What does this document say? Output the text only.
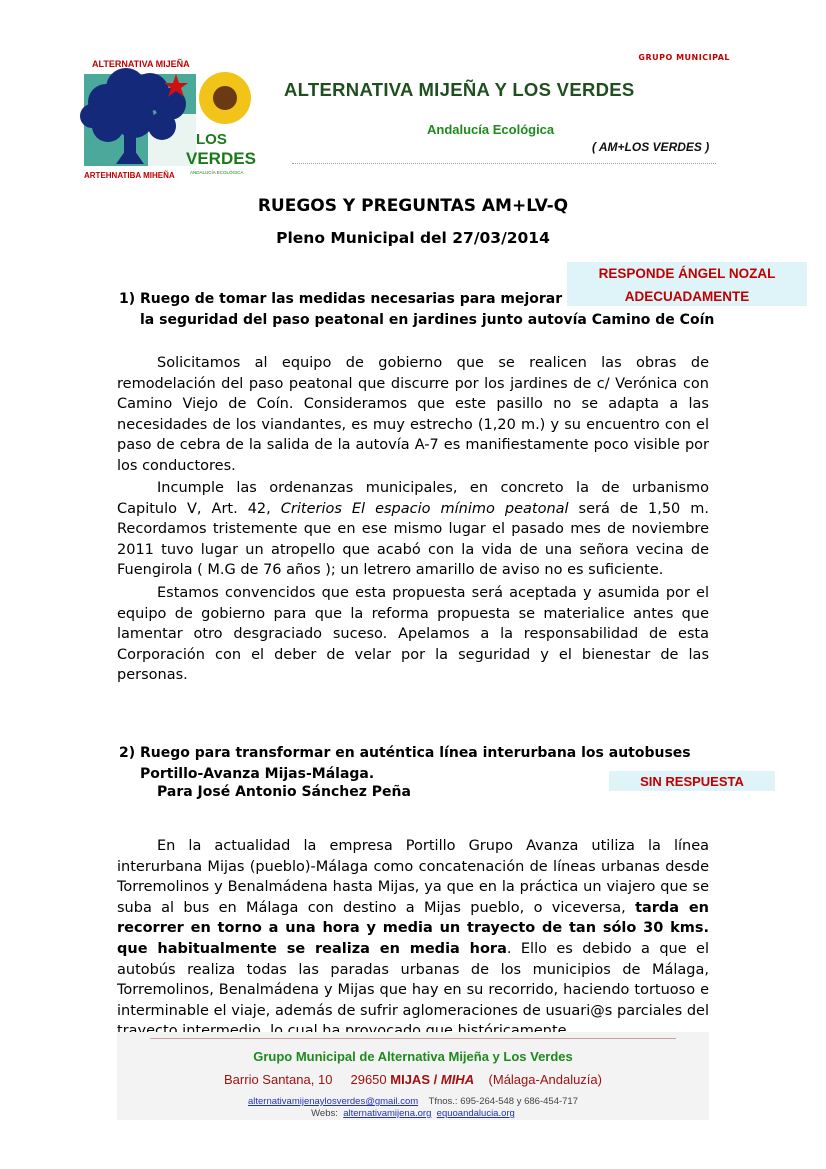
GRUPO MUNICIPAL
ALTERNATIVA MIJEÑA
LOS
VERDES
ANDALUCÍA ECOLÓGICA
ARTEHNATIBA MIHEÑA
ALTERNATIVA MIJEÑA Y LOS VERDES
Andalucía Ecológica
( AM+LOS VERDES )
RUEGOS Y PREGUNTAS AM+LV-Q
Pleno Municipal del 27/03/2014
RESPONDE ÁNGEL NOZAL
ADECUADAMENTE
1) Ruego de tomar las medidas necesarias para mejorar
la seguridad del paso peatonal en jardines junto autovía Camino de Coín

Solicitamos al equipo de gobierno que se realicen las obras de remodelación del paso peatonal que discurre por los jardines de c/ Verónica con Camino Viejo de Coín. Consideramos que este pasillo no se adapta a las necesidades de los viandantes, es muy estrecho (1,20 m.) y su encuentro con el paso de cebra de la salida de la autovía A-7 es manifiestamente poco visible por los conductores.

Incumple las ordenanzas municipales, en concreto la de urbanismo Capitulo V, Art. 42, Criterios El espacio mínimo peatonal será de 1,50 m. Recordamos tristemente que en ese mismo lugar el pasado mes de noviembre 2011 tuvo lugar un atropello que acabó con la vida de una señora vecina de Fuengirola ( M.G de 76 años ); un letrero amarillo de aviso no es suficiente.

Estamos convencidos que esta propuesta será aceptada y asumida por el equipo de gobierno para que la reforma propuesta se materialice antes que lamentar otro desgraciado suceso. Apelamos a la responsabilidad de esta Corporación con el deber de velar por la seguridad y el bienestar de las personas.

2) Ruego para transformar en auténtica línea interurbana los autobuses
Portillo-Avanza Mijas-Málaga.
Para José Antonio Sánchez Peña
SIN RESPUESTA

En la actualidad la empresa Portillo Grupo Avanza utiliza la línea interurbana Mijas (pueblo)-Málaga como concatenación de líneas urbanas desde Torremolinos y Benalmádena hasta Mijas, ya que en la práctica un viajero que se suba al bus en Málaga con destino a Mijas pueblo, o viceversa, tarda en recorrer en torno a una hora y media un trayecto de tan sólo 30 kms. que habitualmente se realiza en media hora. Ello es debido a que el autobús realiza todas las paradas urbanas de los municipios de Málaga, Torremolinos, Benalmádena y Mijas que hay en su recorrido, haciendo tortuoso e interminable el viaje, además de sufrir aglomeraciones de usuari@s parciales del

Grupo Municipal de Alternativa Mijeña y Los Verdes
Barrio Santana, 10 29650 MIJAS / MIHA (Málaga-Andaluzía)
alternativamijenaylosverdes@gmail.com Tfnos.: 695-264-548 y 686-454-717
Webs: alternativamijena.org equoandalucia.org
